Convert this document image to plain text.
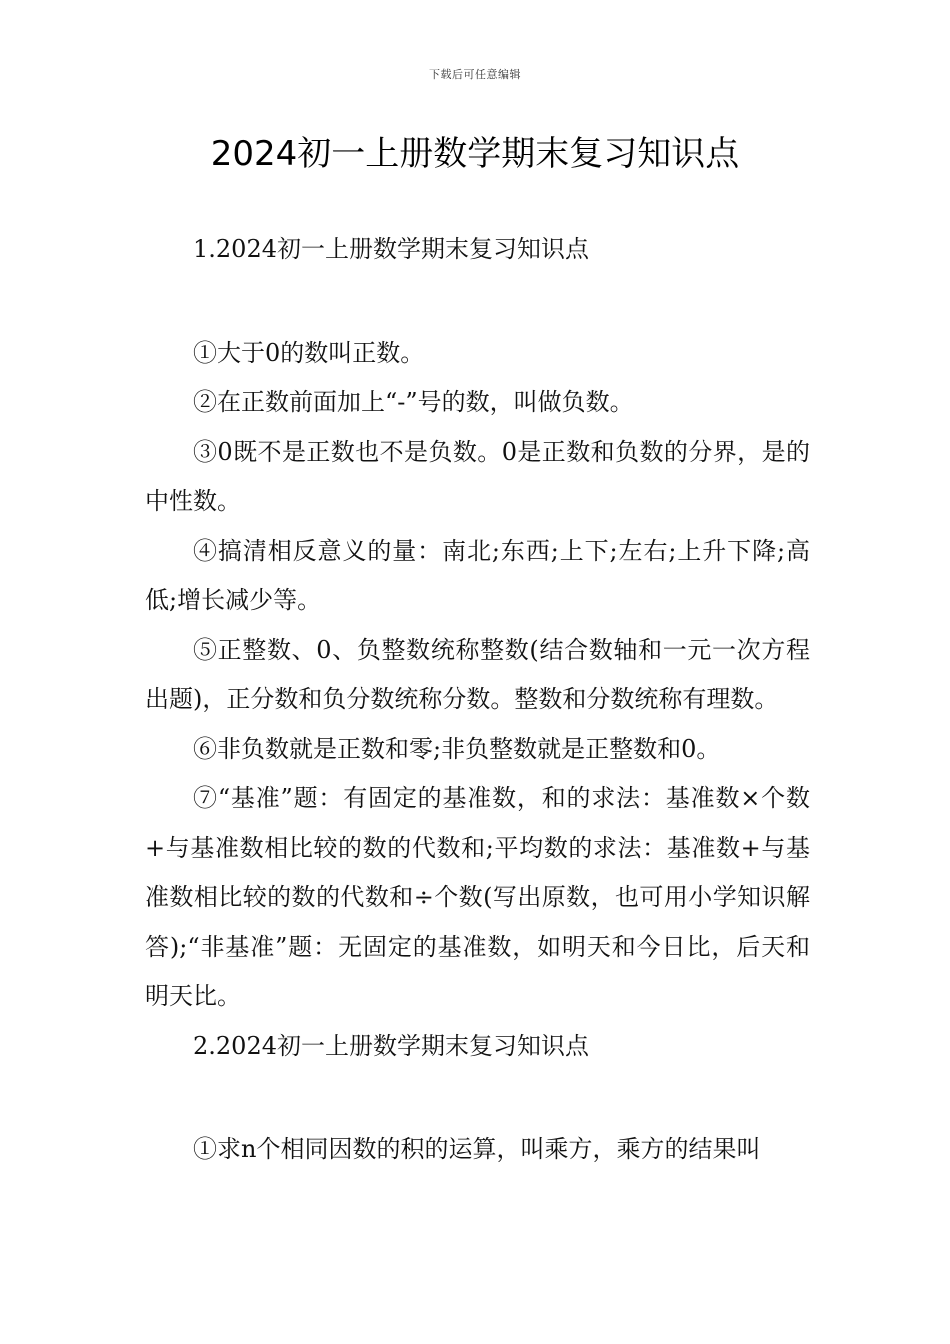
下载后可任意编辑
2024初一上册数学期末复习知识点

1.2024初一上册数学期末复习知识点

①大于0的数叫正数。

②在正数前面加上“-”号的数，叫做负数。

③0既不是正数也不是负数。0是正数和负数的分界，是的中性数。

④搞清相反意义的量：南北;东西;上下;左右;上升下降;高低;增长减少等。

⑤正整数、0、负整数统称整数(结合数轴和一元一次方程出题)，正分数和负分数统称分数。整数和分数统称有理数。

⑥非负数就是正数和零;非负整数就是正整数和0。

⑦“基准”题：有固定的基准数，和的求法：基准数×个数+与基准数相比较的数的代数和;平均数的求法：基准数+与基准数相比较的数的代数和÷个数(写出原数，也可用小学知识解答);“非基准”题：无固定的基准数，如明天和今日比，后天和明天比。

2.2024初一上册数学期末复习知识点

①求n个相同因数的积的运算，叫乘方，乘方的结果叫
